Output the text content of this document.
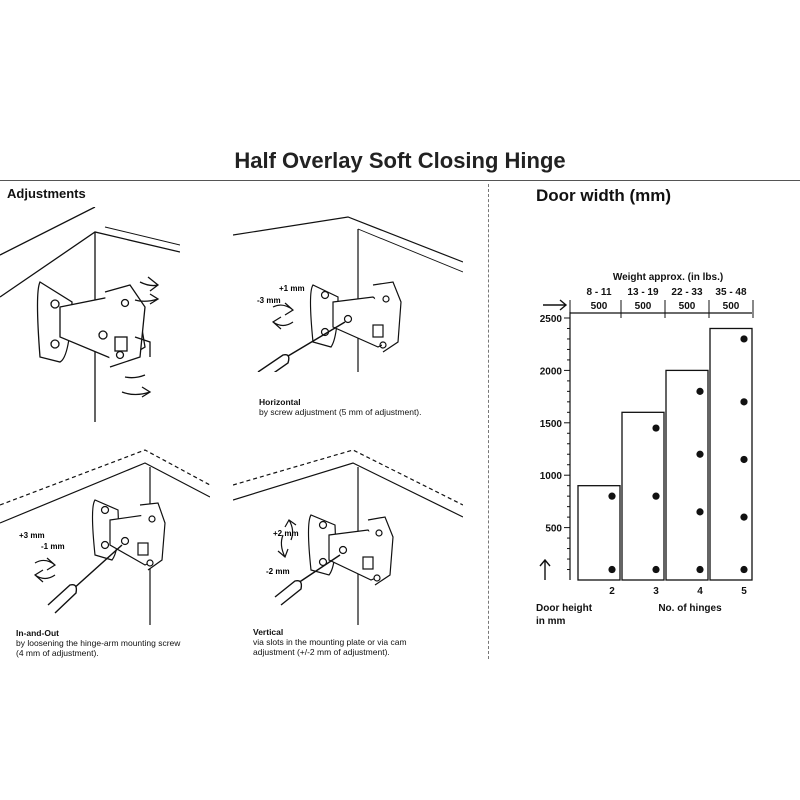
Half Overlay Soft Closing Hinge
Adjustments	Door width (mm)
+1 mm
-3 mm
Horizontal
by screw adjustment (5 mm of adjustment).
+3 mm
-1 mm
In-and-Out
by loosening the hinge-arm mounting screw
(4 mm of adjustment).
+2 mm
-2 mm
Vertical
via slots in the mounting plate or via cam
adjustment (+/-2 mm of adjustment).
Weight approx. (in lbs.)
8 - 11 13 - 19 22 - 33 35 - 48
500	500	500	500
500
1000
1500
2000
2500
2	3	4	5
Door height
in mm
No. of hinges
